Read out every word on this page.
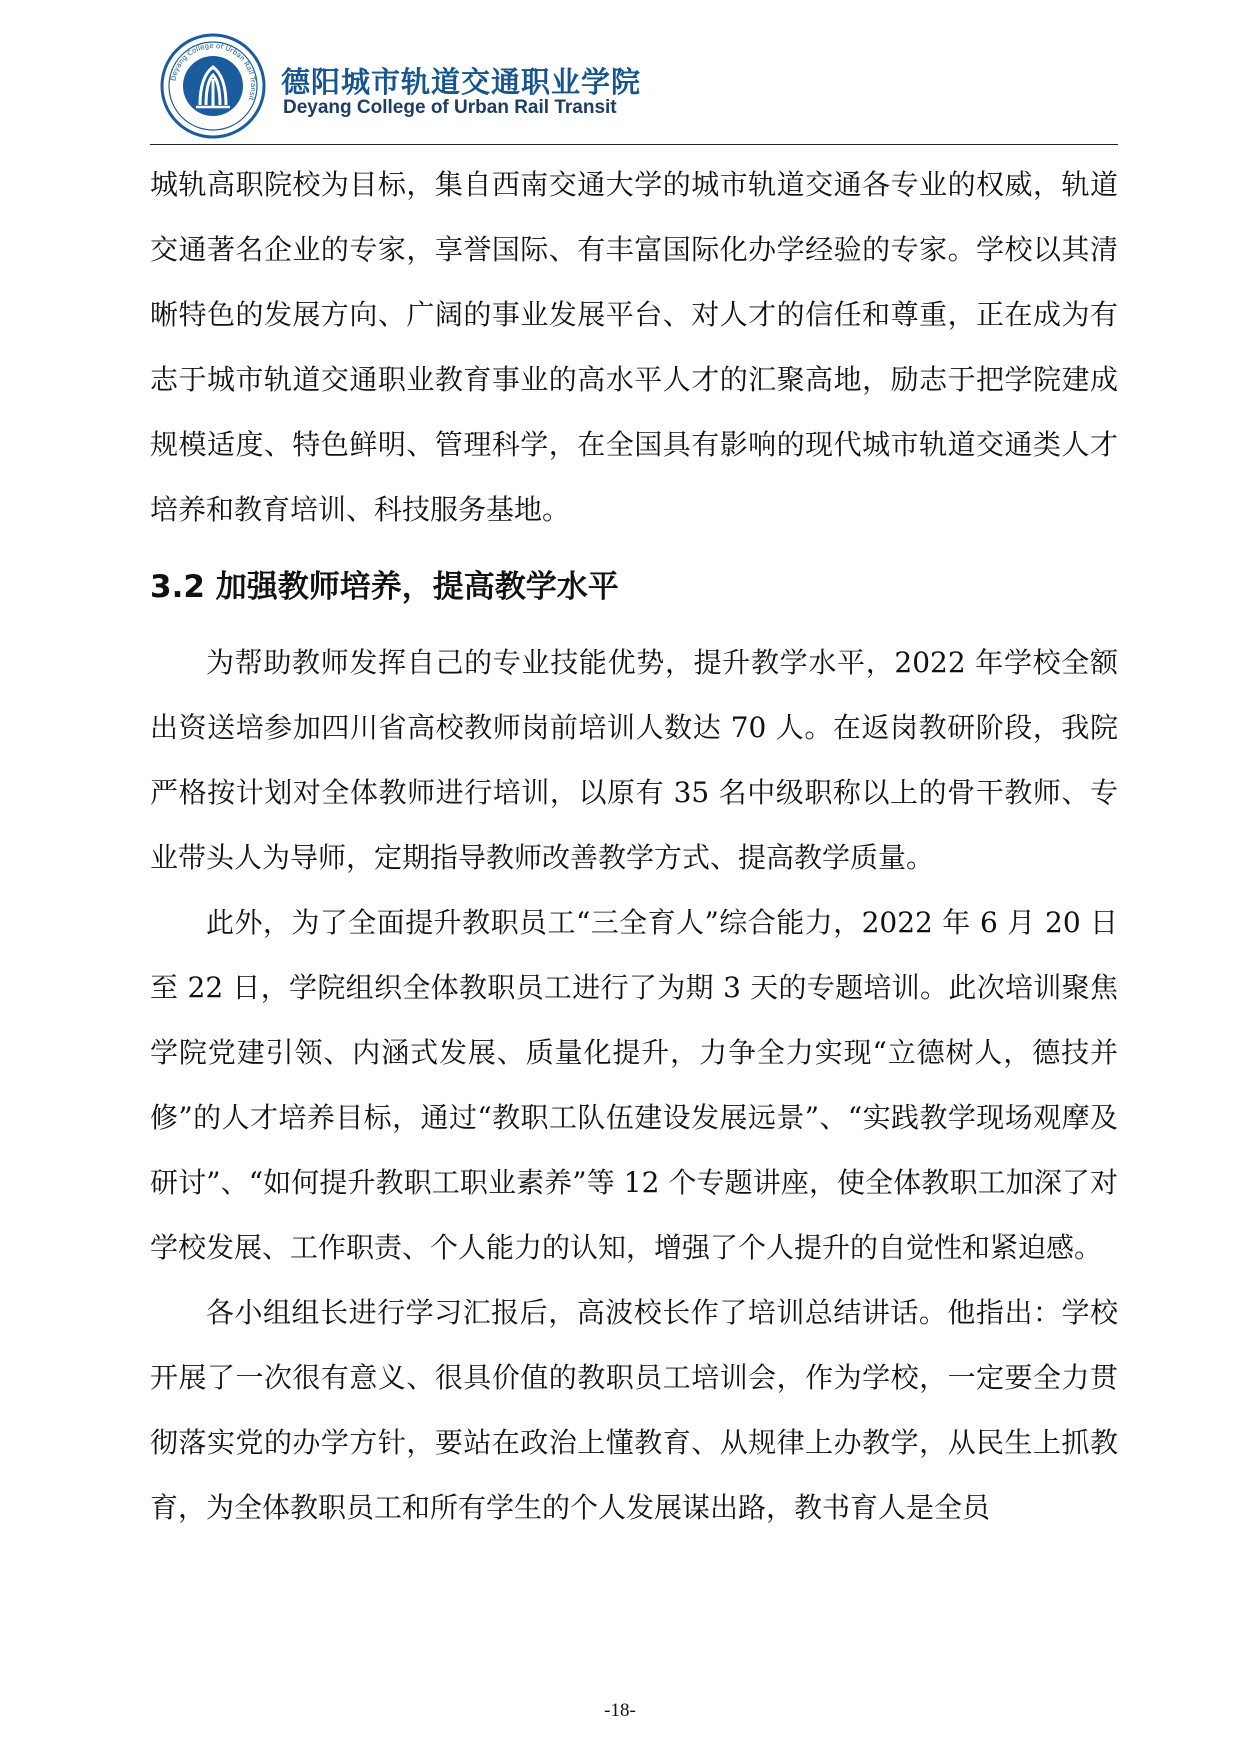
Deyang College of Urban Rail Transit
德阳城市轨道交通职业学院
Deyang College of Urban Rail Transit

城轨高职院校为目标，集自西南交通大学的城市轨道交通各专业的权威，轨道交通著名企业的专家，享誉国际、有丰富国际化办学经验的专家。学校以其清晰特色的发展方向、广阔的事业发展平台、对人才的信任和尊重，正在成为有志于城市轨道交通职业教育事业的高水平人才的汇聚高地，励志于把学院建成规模适度、特色鲜明、管理科学，在全国具有影响的现代城市轨道交通类人才培养和教育培训、科技服务基地。

3.2 加强教师培养，提高教学水平

为帮助教师发挥自己的专业技能优势，提升教学水平，2022 年学校全额出资送培参加四川省高校教师岗前培训人数达 70 人。在返岗教研阶段，我院严格按计划对全体教师进行培训，以原有 35 名中级职称以上的骨干教师、专业带头人为导师，定期指导教师改善教学方式、提高教学质量。

此外，为了全面提升教职员工“三全育人”综合能力，2022 年 6 月 20 日至 22 日，学院组织全体教职员工进行了为期 3 天的专题培训。此次培训聚焦学院党建引领、内涵式发展、质量化提升，力争全力实现“立德树人，德技并修”的人才培养目标，通过“教职工队伍建设发展远景”、“实践教学现场观摩及研讨”、“如何提升教职工职业素养”等 12 个专题讲座，使全体教职工加深了对学校发展、工作职责、个人能力的认知，增强了个人提升的自觉性和紧迫感。

各小组组长进行学习汇报后，高波校长作了培训总结讲话。他指出：学校开展了一次很有意义、很具价值的教职员工培训会，作为学校，一定要全力贯彻落实党的办学方针，要站在政治上懂教育、从规律上办教学，从民生上抓教育，为全体教职员工和所有学生的个人发展谋出路，教书育人是全员

-18-
